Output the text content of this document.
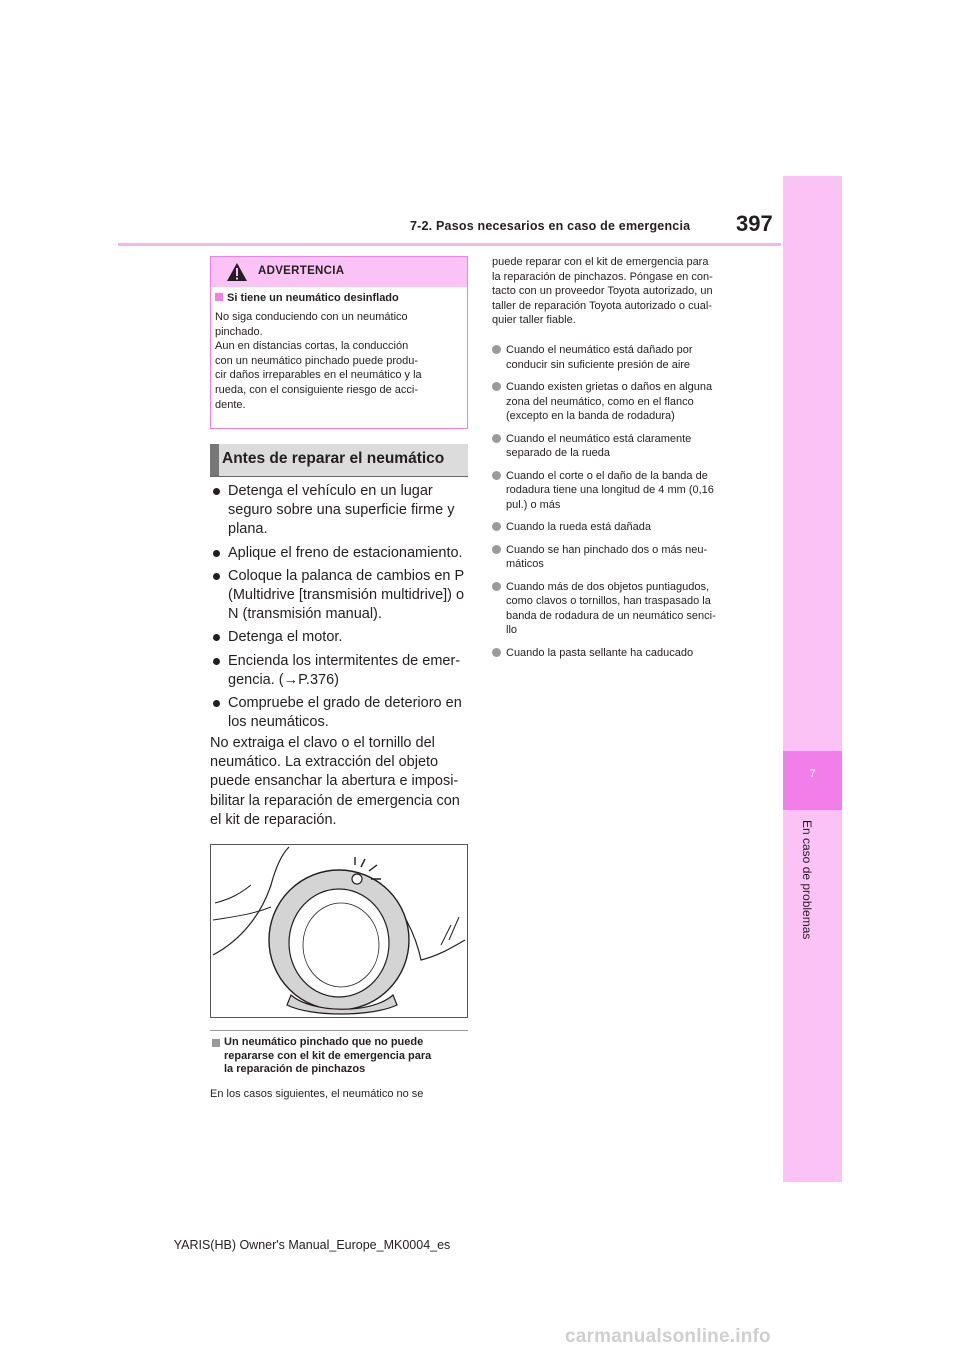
7-2. Pasos necesarios en caso de emergencia 397
7
En caso de problemas
ADVERTENCIA
Si tiene un neumático desinflado
No siga conduciendo con un neumático
pinchado.
Aun en distancias cortas, la conducción
con un neumático pinchado puede produ-
cir daños irreparables en el neumático y la
rueda, con el consiguiente riesgo de acci-
dente.
Antes de reparar el neumático
Detenga el vehículo en un lugar
seguro sobre una superficie firme y
plana.
Aplique el freno de estacionamiento.
Coloque la palanca de cambios en P
(Multidrive [transmisión multidrive]) o
N (transmisión manual).
Detenga el motor.
Encienda los intermitentes de emer-
gencia. (→P.376)
Compruebe el grado de deterioro en
los neumáticos.
No extraiga el clavo o el tornillo del
neumático. La extracción del objeto
puede ensanchar la abertura e imposi-
bilitar la reparación de emergencia con
el kit de reparación.
Un neumático pinchado que no puede
repararse con el kit de emergencia para
la reparación de pinchazos
En los casos siguientes, el neumático no se
puede reparar con el kit de emergencia para
la reparación de pinchazos. Póngase en con-
tacto con un proveedor Toyota autorizado, un
taller de reparación Toyota autorizado o cual-
quier taller fiable.
Cuando el neumático está dañado por
conducir sin suficiente presión de aire
Cuando existen grietas o daños en alguna
zona del neumático, como en el flanco
(excepto en la banda de rodadura)
Cuando el neumático está claramente
separado de la rueda
Cuando el corte o el daño de la banda de
rodadura tiene una longitud de 4 mm (0,16
pul.) o más
Cuando la rueda está dañada
Cuando se han pinchado dos o más neu-
máticos
Cuando más de dos objetos puntiagudos,
como clavos o tornillos, han traspasado la
banda de rodadura de un neumático senci-
llo
Cuando la pasta sellante ha caducado
YARIS(HB) Owner's Manual_Europe_MK0004_es
carmanualsonline.info
